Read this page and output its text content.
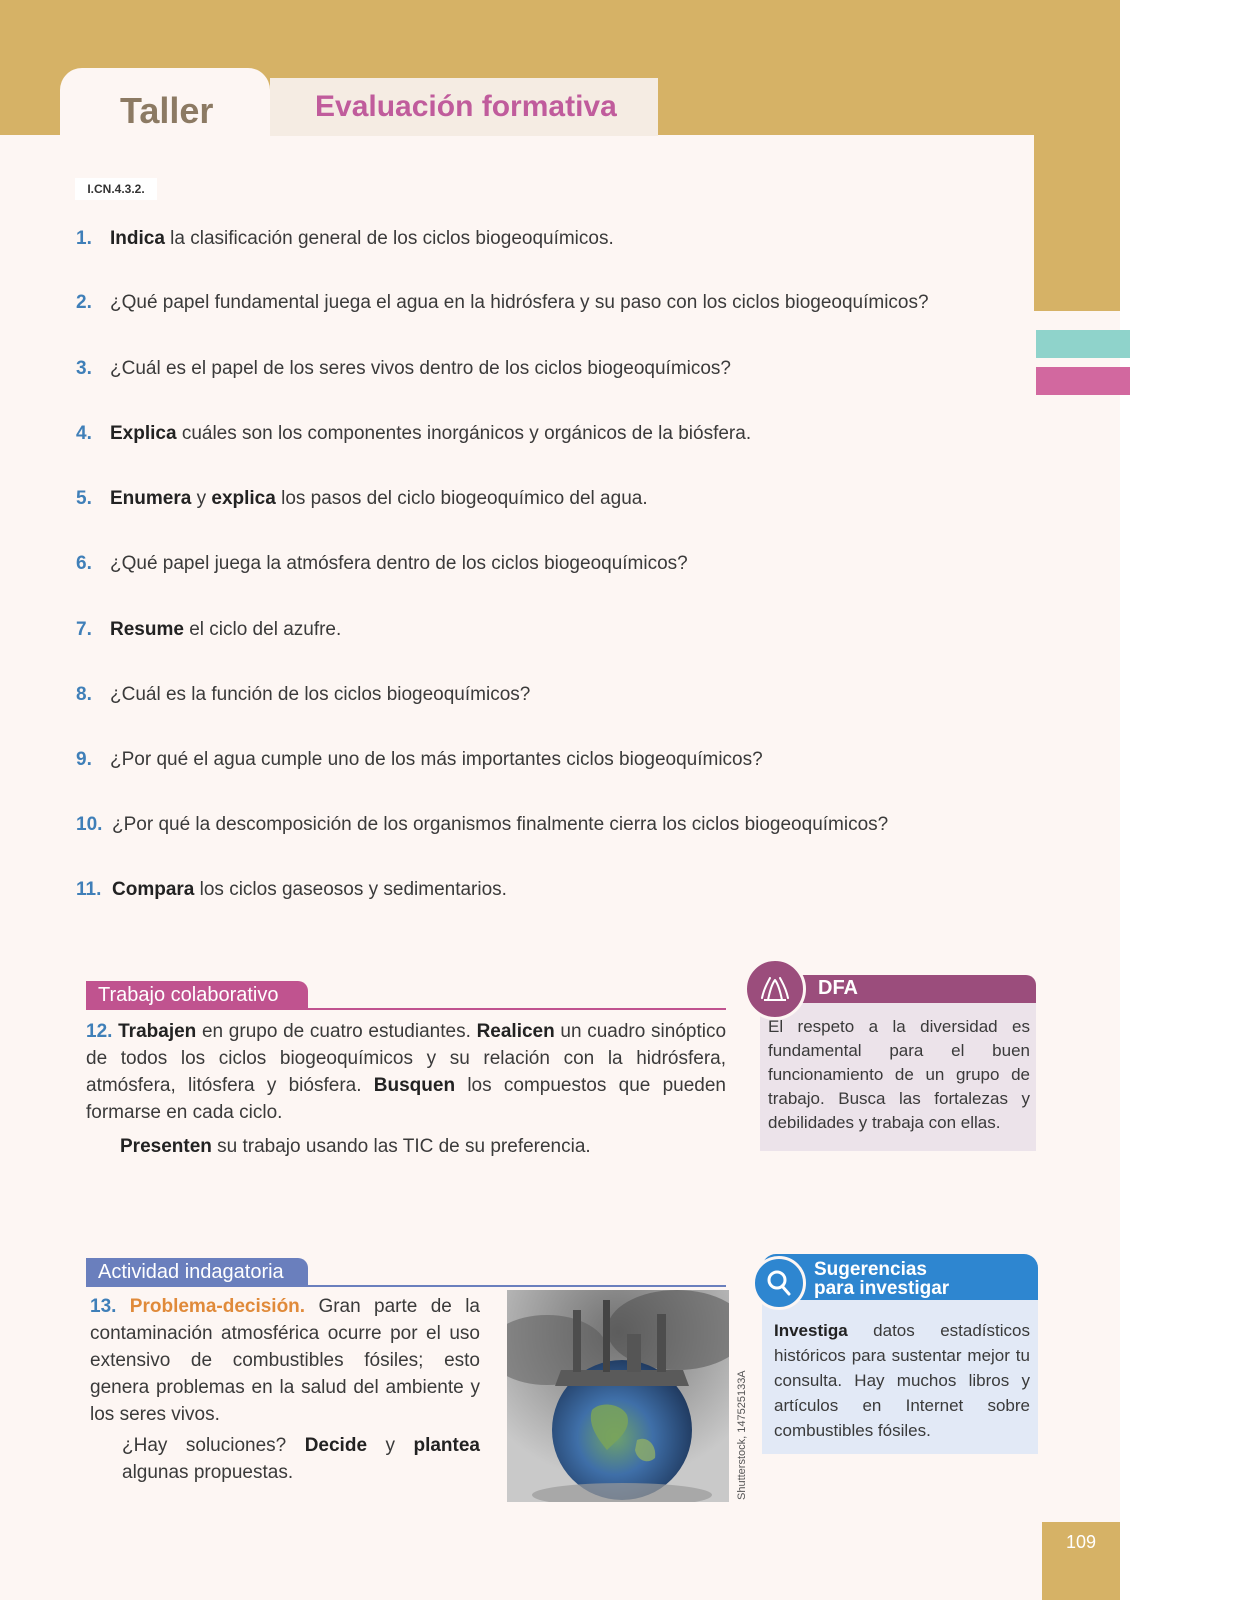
Taller	Evaluación formativa
I.CN.4.3.2.
1. Indica la clasificación general de los ciclos biogeoquímicos.
2. ¿Qué papel fundamental juega el agua en la hidrósfera y su paso con los ciclos biogeoquímicos?
3. ¿Cuál es el papel de los seres vivos dentro de los ciclos biogeoquímicos?
4. Explica cuáles son los componentes inorgánicos y orgánicos de la biósfera.
5. Enumera y explica los pasos del ciclo biogeoquímico del agua.
6. ¿Qué papel juega la atmósfera dentro de los ciclos biogeoquímicos?
7. Resume el ciclo del azufre.
8. ¿Cuál es la función de los ciclos biogeoquímicos?
9. ¿Por qué el agua cumple uno de los más importantes ciclos biogeoquímicos?
10. ¿Por qué la descomposición de los organismos finalmente cierra los ciclos biogeoquímicos?
11. Compara los ciclos gaseosos y sedimentarios.
Trabajo colaborativo
12. Trabajen en grupo de cuatro estudiantes. Realicen un cuadro sinóptico de todos los ciclos biogeoquímicos y su relación con la hidrósfera, atmósfera, litósfera y biósfera. Busquen los compuestos que pueden formarse en cada ciclo.
Presenten su trabajo usando las TIC de su preferencia.
DFA
El respeto a la diversidad es fundamental para el buen funcionamiento de un grupo de trabajo. Busca las fortalezas y debilidades y trabaja con ellas.
Actividad indagatoria
13. Problema-decisión. Gran parte de la contaminación atmosférica ocurre por el uso extensivo de combustibles fósiles; esto genera problemas en la salud del ambiente y los seres vivos.
¿Hay soluciones? Decide y plantea algunas propuestas.	Shutterstock, 147525133A
Sugerencias
para investigar
Investiga datos estadísticos históricos para sustentar mejor tu consulta. Hay muchos libros y artículos en Internet sobre combustibles fósiles.
109
